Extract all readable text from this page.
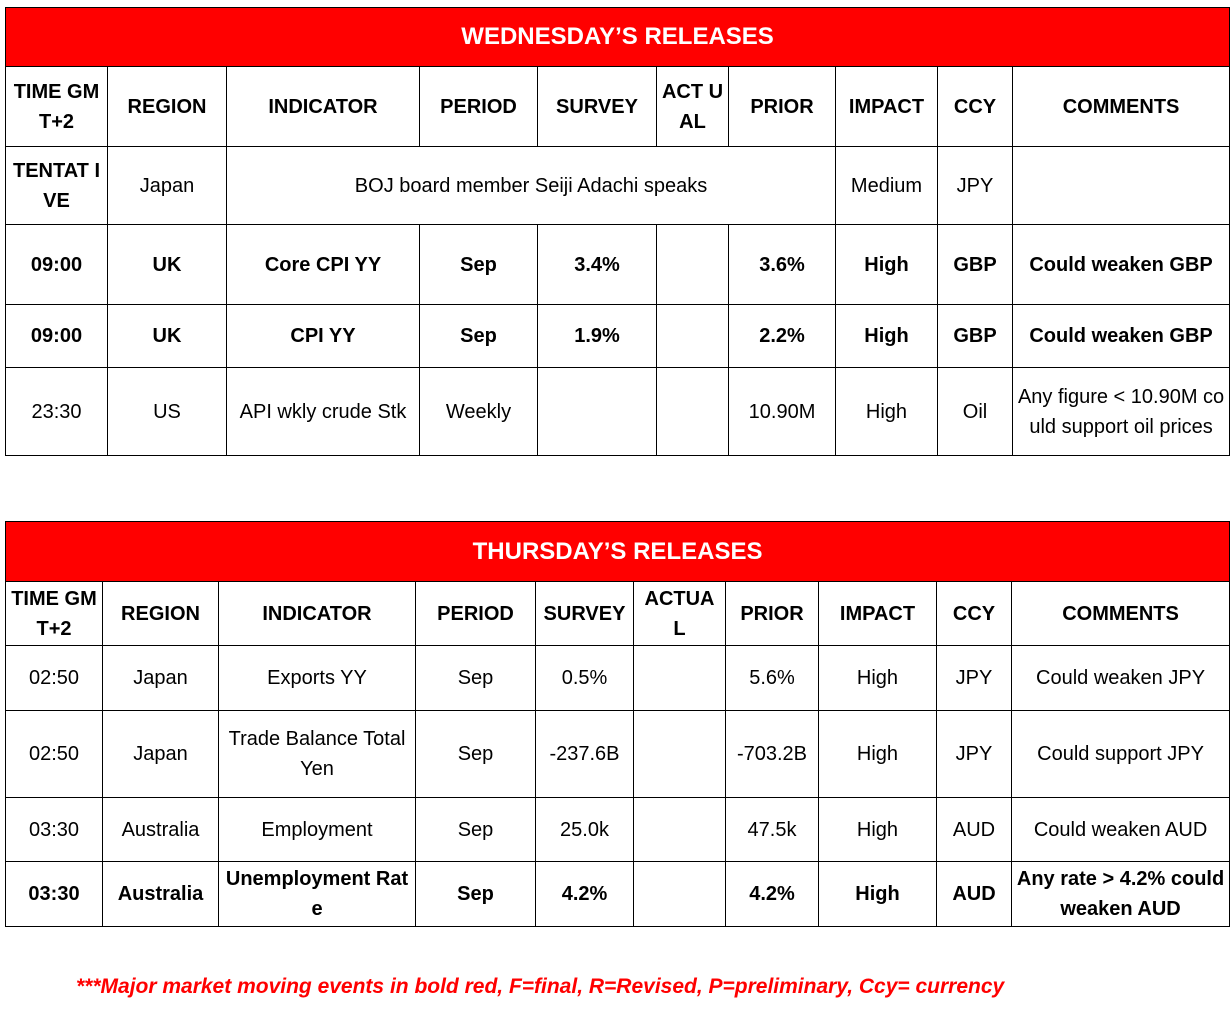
WEDNESDAY’S RELEASES									
TIME GMT+2	REGION	INDICATOR	PERIOD	SURVEY	ACT UAL	PRIOR	IMPACT	CCY	COMMENTS
TENTAT IVE	Japan	BOJ board member Seiji Adachi speaks					Medium	JPY	
09:00	UK	Core CPI YY	Sep	3.4%		3.6%	High	GBP	Could weaken GBP
09:00	UK	CPI YY	Sep	1.9%		2.2%	High	GBP	Could weaken GBP
23:30	US	API wkly crude Stk	Weekly			10.90M	High	Oil	Any figure < 10.90M could support oil prices
THURSDAY’S RELEASES									
TIME GMT+2	REGION	INDICATOR	PERIOD	SURVEY	ACTUA L	PRIOR	IMPACT	CCY	COMMENTS
02:50	Japan	Exports YY	Sep	0.5%		5.6%	High	JPY	Could weaken JPY
02:50	Japan	Trade Balance Total Yen	Sep	-237.6B		-703.2B	High	JPY	Could support JPY
03:30	Australia	Employment	Sep	25.0k		47.5k	High	AUD	Could weaken AUD
03:30	Australia	Unemployment Rate	Sep	4.2%		4.2%	High	AUD	Any rate > 4.2% could weaken AUD
***Major market moving events in bold red, F=final, R=Revised, P=preliminary, Ccy= currency
